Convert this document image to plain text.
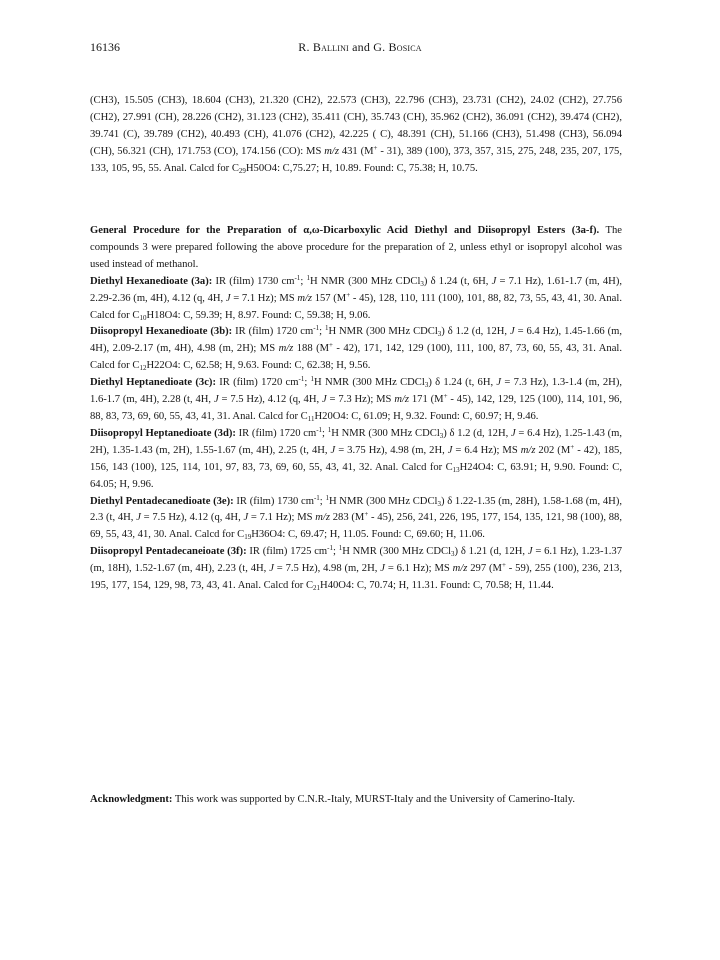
16136	R. Ballini and G. Bosica

(CH3), 15.505 (CH3), 18.604 (CH3), 21.320 (CH2), 22.573 (CH3), 22.796 (CH3), 23.731 (CH2), 24.02 (CH2), 27.756 (CH2), 27.991 (CH), 28.226 (CH2), 31.123 (CH2), 35.411 (CH), 35.743 (CH), 35.962 (CH2), 36.091 (CH2), 39.474 (CH2), 39.741 (C), 39.789 (CH2), 40.493 (CH), 41.076 (CH2), 42.225 ( C), 48.391 (CH), 51.166 (CH3), 51.498 (CH3), 56.094 (CH), 56.321 (CH), 171.753 (CO), 174.156 (CO): MS m/z 431 (M+ - 31), 389 (100), 373, 357, 315, 275, 248, 235, 207, 175, 133, 105, 95, 55. Anal. Calcd for $C_{29}H50O4$: C,75.27; H, 10.89. Found: C, 75.38; H, 10.75.

General Procedure for the Preparation of α,ω-Dicarboxylic Acid Diethyl and Diisopropyl Esters (3a-f). The compounds 3 were prepared following the above procedure for the preparation of 2, unless ethyl or isopropyl alcohol was used instead of methanol.

Diethyl Hexanedioate (3a): IR (film) 1730 $cm^{-1}$; $^1$H NMR (300 MHz CDCl$_3$) δ 1.24 (t, 6H, J = 7.1 Hz), 1.61-1.7 (m, 4H), 2.29-2.36 (m, 4H), 4.12 (q, 4H, J = 7.1 Hz); MS m/z 157 (M+ - 45), 128, 110, 111 (100), 101, 88, 82, 73, 55, 43, 41, 30. Anal. Calcd for $C_{10}H18O4$: C, 59.39; H, 8.97. Found: C, 59.38; H, 9.06.

Diisopropyl Hexanedioate (3b): IR (film) 1720 $cm^{-1}$; $^1$H NMR (300 MHz CDCl$_3$) δ 1.2 (d, 12H, J = 6.4 Hz), 1.45-1.66 (m, 4H), 2.09-2.17 (m, 4H), 4.98 (m, 2H); MS m/z 188 (M+ - 42), 171, 142, 129 (100), 111, 100, 87, 73, 60, 55, 43, 31. Anal. Calcd for $C_{12}H22O4$: C, 62.58; H, 9.63. Found: C, 62.38; H, 9.56.

Diethyl Heptanedioate (3c): IR (film) 1720 $cm^{-1}$; $^1$H NMR (300 MHz CDCl$_3$) δ 1.24 (t, 6H, J = 7.3 Hz), 1.3-1.4 (m, 2H), 1.6-1.7 (m, 4H), 2.28 (t, 4H, J = 7.5 Hz), 4.12 (q, 4H, J = 7.3 Hz); MS m/z 171 (M+ - 45), 142, 129, 125 (100), 114, 101, 96, 88, 83, 73, 69, 60, 55, 43, 41, 31. Anal. Calcd for $C_{11}H20O4$: C, 61.09; H, 9.32. Found: C, 60.97; H, 9.46.

Diisopropyl Heptanedioate (3d): IR (film) 1720 $cm^{-1}$; $^1$H NMR (300 MHz CDCl$_3$) δ 1.2 (d, 12H, J = 6.4 Hz), 1.25-1.43 (m, 2H), 1.35-1.43 (m, 2H), 1.55-1.67 (m, 4H), 2.25 (t, 4H, J = 3.75 Hz), 4.98 (m, 2H, J = 6.4 Hz); MS m/z 202 (M+ - 42), 185, 156, 143 (100), 125, 114, 101, 97, 83, 73, 69, 60, 55, 43, 41, 32. Anal. Calcd for $C_{13}H24O4$: C, 63.91; H, 9.90. Found: C, 64.05; H, 9.96.

Diethyl Pentadecanedioate (3e): IR (film) 1730 $cm^{-1}$; $^1$H NMR (300 MHz CDCl$_3$) δ 1.22-1.35 (m, 28H), 1.58-1.68 (m, 4H), 2.3 (t, 4H, J = 7.5 Hz), 4.12 (q, 4H, J = 7.1 Hz); MS m/z 283 (M+ - 45), 256, 241, 226, 195, 177, 154, 135, 121, 98 (100), 88, 69, 55, 43, 41, 30. Anal. Calcd for $C_{19}H36O4$: C, 69.47; H, 11.05. Found: C, 69.60; H, 11.06.

Diisopropyl Pentadecaneioate (3f): IR (film) 1725 $cm^{-1}$; $^1$H NMR (300 MHz CDCl$_3$) δ 1.21 (d, 12H, J = 6.1 Hz), 1.23-1.37 (m, 18H), 1.52-1.67 (m, 4H), 2.23 (t, 4H, J = 7.5 Hz), 4.98 (m, 2H, J = 6.1 Hz); MS m/z 297 (M+ - 59), 255 (100), 236, 213, 195, 177, 154, 129, 98, 73, 43, 41. Anal. Calcd for $C_{21}H40O4$: C, 70.74; H, 11.31. Found: C, 70.58; H, 11.44.

Acknowledgment: This work was supported by C.N.R.-Italy, MURST-Italy and the University of Camerino-Italy.
